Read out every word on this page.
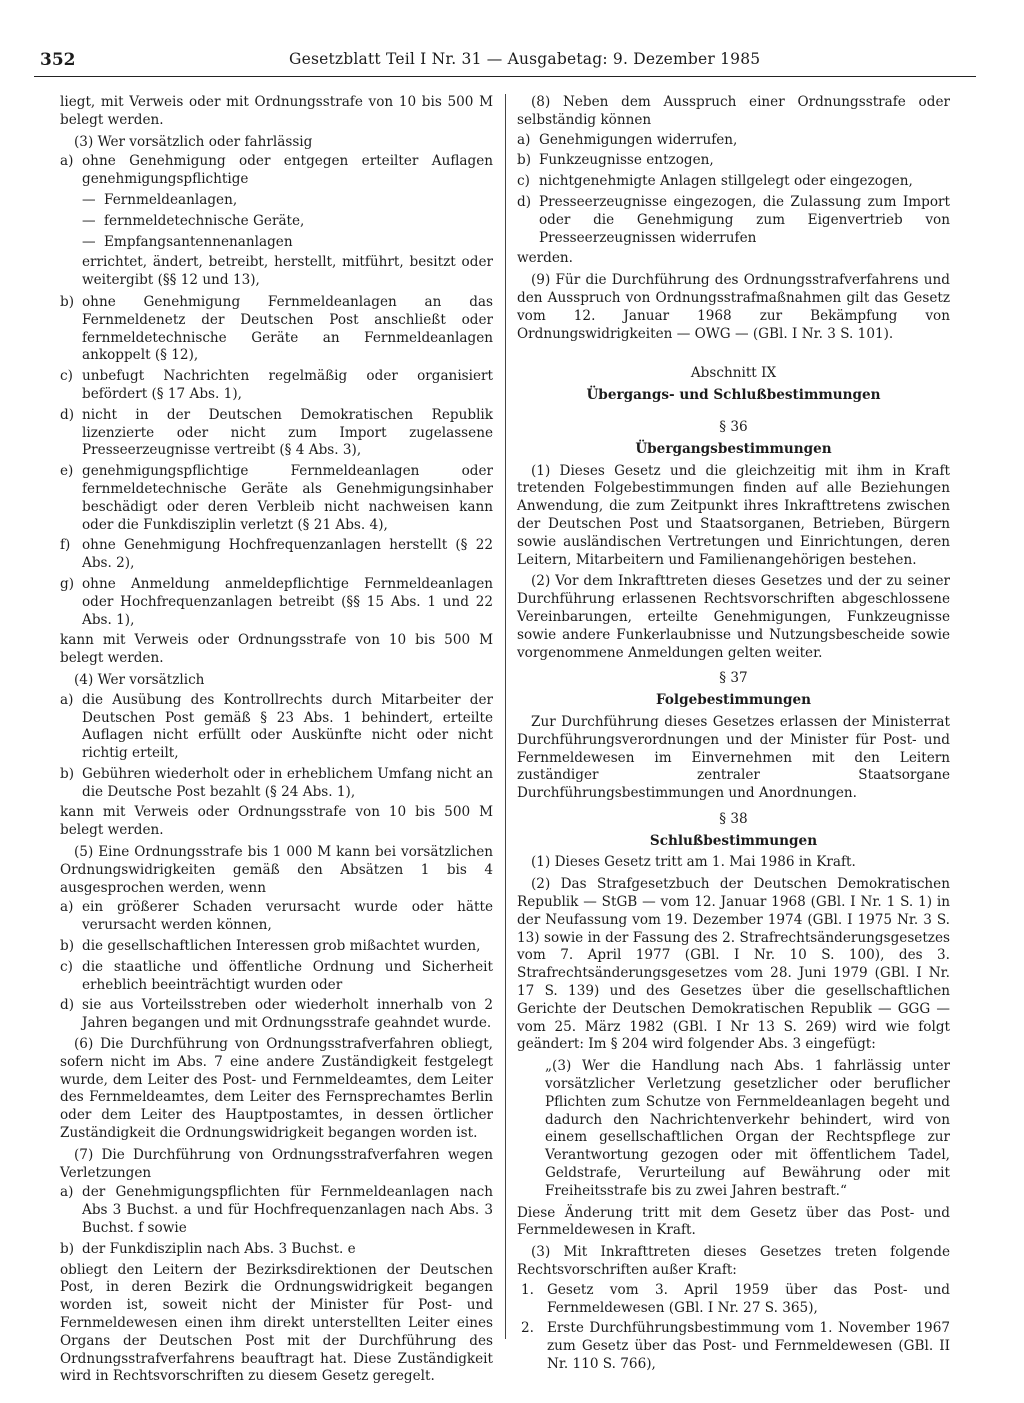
352	Gesetzblatt Teil I Nr. 31 — Ausgabetag: 9. Dezember 1985

liegt, mit Verweis oder mit Ordnungsstrafe von 10 bis 500 M belegt werden.

(3) Wer vorsätzlich oder fahrlässig

a) ohne Genehmigung oder entgegen erteilter Auflagen genehmigungspflichtige
— Fernmeldeanlagen,
— fernmeldetechnische Geräte,
— Empfangsantennenanlagen

errichtet, ändert, betreibt, herstellt, mitführt, besitzt oder weitergibt (§§ 12 und 13),

b) ohne Genehmigung Fernmeldeanlagen an das Fernmeldenetz der Deutschen Post anschließt oder fernmeldetechnische Geräte an Fernmeldeanlagen ankoppelt (§ 12),
c) unbefugt Nachrichten regelmäßig oder organisiert befördert (§ 17 Abs. 1),
d) nicht in der Deutschen Demokratischen Republik lizenzierte oder nicht zum Import zugelassene Presseerzeugnisse vertreibt (§ 4 Abs. 3),
e) genehmigungspflichtige Fernmeldeanlagen oder fernmeldetechnische Geräte als Genehmigungsinhaber beschädigt oder deren Verbleib nicht nachweisen kann oder die Funkdisziplin verletzt (§ 21 Abs. 4),
f) ohne Genehmigung Hochfrequenzanlagen herstellt (§ 22 Abs. 2),
g) ohne Anmeldung anmeldepflichtige Fernmeldeanlagen oder Hochfrequenzanlagen betreibt (§§ 15 Abs. 1 und 22 Abs. 1),

kann mit Verweis oder Ordnungsstrafe von 10 bis 500 M belegt werden.

(4) Wer vorsätzlich

a) die Ausübung des Kontrollrechts durch Mitarbeiter der Deutschen Post gemäß § 23 Abs. 1 behindert, erteilte Auflagen nicht erfüllt oder Auskünfte nicht oder nicht richtig erteilt,
b) Gebühren wiederholt oder in erheblichem Umfang nicht an die Deutsche Post bezahlt (§ 24 Abs. 1),

kann mit Verweis oder Ordnungsstrafe von 10 bis 500 M belegt werden.

(5) Eine Ordnungsstrafe bis 1 000 M kann bei vorsätzlichen Ordnungswidrigkeiten gemäß den Absätzen 1 bis 4 ausgesprochen werden, wenn

a) ein größerer Schaden verursacht wurde oder hätte verursacht werden können,
b) die gesellschaftlichen Interessen grob mißachtet wurden,
c) die staatliche und öffentliche Ordnung und Sicherheit erheblich beeinträchtigt wurden oder
d) sie aus Vorteilsstreben oder wiederholt innerhalb von 2 Jahren begangen und mit Ordnungsstrafe geahndet wurde.

(6) Die Durchführung von Ordnungsstrafverfahren obliegt, sofern nicht im Abs. 7 eine andere Zuständigkeit festgelegt wurde, dem Leiter des Post- und Fernmeldeamtes, dem Leiter des Fernmeldeamtes, dem Leiter des Fernsprechamtes Berlin oder dem Leiter des Hauptpostamtes, in dessen örtlicher Zuständigkeit die Ordnungswidrigkeit begangen worden ist.

(7) Die Durchführung von Ordnungsstrafverfahren wegen Verletzungen

a) der Genehmigungspflichten für Fernmeldeanlagen nach Abs 3 Buchst. a und für Hochfrequenzanlagen nach Abs. 3 Buchst. f sowie
b) der Funkdisziplin nach Abs. 3 Buchst. e

obliegt den Leitern der Bezirksdirektionen der Deutschen Post, in deren Bezirk die Ordnungswidrigkeit begangen worden ist, soweit nicht der Minister für Post- und Fernmeldewesen einen ihm direkt unterstellten Leiter eines Organs der Deutschen Post mit der Durchführung des Ordnungsstrafverfahrens beauftragt hat. Diese Zuständigkeit wird in Rechtsvorschriften zu diesem Gesetz geregelt.

(8) Neben dem Ausspruch einer Ordnungsstrafe oder selbständig können

a) Genehmigungen widerrufen,
b) Funkzeugnisse entzogen,
c) nichtgenehmigte Anlagen stillgelegt oder eingezogen,
d) Presseerzeugnisse eingezogen, die Zulassung zum Import oder die Genehmigung zum Eigenvertrieb von Presseerzeugnissen widerrufen

werden.

(9) Für die Durchführung des Ordnungsstrafverfahrens und den Ausspruch von Ordnungsstrafmaßnahmen gilt das Gesetz vom 12. Januar 1968 zur Bekämpfung von Ordnungswidrigkeiten — OWG — (GBl. I Nr. 3 S. 101).

Abschnitt IX

Übergangs- und Schlußbestimmungen

§ 36

Übergangsbestimmungen

(1) Dieses Gesetz und die gleichzeitig mit ihm in Kraft tretenden Folgebestimmungen finden auf alle Beziehungen Anwendung, die zum Zeitpunkt ihres Inkrafttretens zwischen der Deutschen Post und Staatsorganen, Betrieben, Bürgern sowie ausländischen Vertretungen und Einrichtungen, deren Leitern, Mitarbeitern und Familienangehörigen bestehen.

(2) Vor dem Inkrafttreten dieses Gesetzes und der zu seiner Durchführung erlassenen Rechtsvorschriften abgeschlossene Vereinbarungen, erteilte Genehmigungen, Funkzeugnisse sowie andere Funkerlaubnisse und Nutzungsbescheide sowie vorgenommene Anmeldungen gelten weiter.

§ 37

Folgebestimmungen

Zur Durchführung dieses Gesetzes erlassen der Ministerrat Durchführungsverordnungen und der Minister für Post- und Fernmeldewesen im Einvernehmen mit den Leitern zuständiger zentraler Staatsorgane Durchführungsbestimmungen und Anordnungen.

§ 38

Schlußbestimmungen

(1) Dieses Gesetz tritt am 1. Mai 1986 in Kraft.

(2) Das Strafgesetzbuch der Deutschen Demokratischen Republik — StGB — vom 12. Januar 1968 (GBl. I Nr. 1 S. 1) in der Neufassung vom 19. Dezember 1974 (GBl. I 1975 Nr. 3 S. 13) sowie in der Fassung des 2. Strafrechtsänderungsgesetzes vom 7. April 1977 (GBl. I Nr. 10 S. 100), des 3. Strafrechtsänderungsgesetzes vom 28. Juni 1979 (GBl. I Nr. 17 S. 139) und des Gesetzes über die gesellschaftlichen Gerichte der Deutschen Demokratischen Republik — GGG — vom 25. März 1982 (GBl. I Nr 13 S. 269) wird wie folgt geändert: Im § 204 wird folgender Abs. 3 eingefügt:

„(3) Wer die Handlung nach Abs. 1 fahrlässig unter vorsätzlicher Verletzung gesetzlicher oder beruflicher Pflichten zum Schutze von Fernmeldeanlagen begeht und dadurch den Nachrichtenverkehr behindert, wird von einem gesellschaftlichen Organ der Rechtspflege zur Verantwortung gezogen oder mit öffentlichem Tadel, Geldstrafe, Verurteilung auf Bewährung oder mit Freiheitsstrafe bis zu zwei Jahren bestraft.“

Diese Änderung tritt mit dem Gesetz über das Post- und Fernmeldewesen in Kraft.

(3) Mit Inkrafttreten dieses Gesetzes treten folgende Rechtsvorschriften außer Kraft:

1. Gesetz vom 3. April 1959 über das Post- und Fernmeldewesen (GBl. I Nr. 27 S. 365),
2. Erste Durchführungsbestimmung vom 1. November 1967 zum Gesetz über das Post- und Fernmeldewesen (GBl. II Nr. 110 S. 766),
